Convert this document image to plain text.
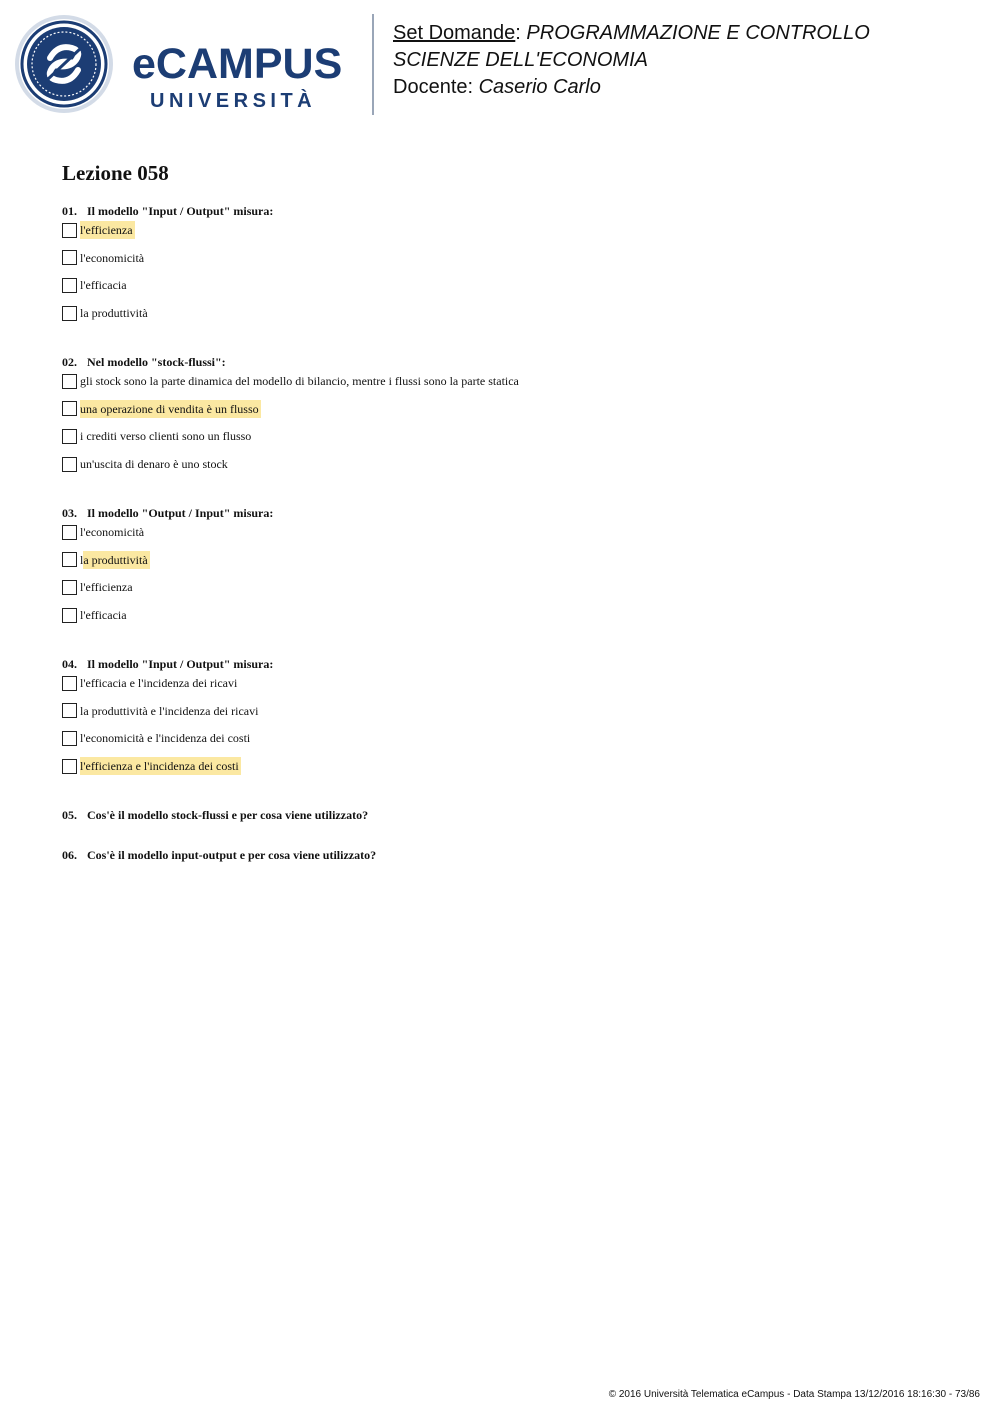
eCAMPUS
UNIVERSITÀ
Set Domande: PROGRAMMAZIONE E CONTROLLO
SCIENZE DELL'ECONOMIA
Docente: Caserio Carlo
Lezione 058
01. Il modello "Input / Output" misura:
l'efficienza
l'economicità
l'efficacia
la produttività
02. Nel modello "stock-flussi":
gli stock sono la parte dinamica del modello di bilancio, mentre i flussi sono la parte statica
una operazione di vendita è un flusso
i crediti verso clienti sono un flusso
un'uscita di denaro è uno stock
03. Il modello "Output / Input" misura:
l'economicità
l a produttività
l'efficienza
l'efficacia
04. Il modello "Input / Output" misura:
l'efficacia e l'incidenza dei ricavi
la produttività e l'incidenza dei ricavi
l'economicità e l'incidenza dei costi
l'efficienza e l'incidenza dei costi
05. Cos'è il modello stock-flussi e per cosa viene utilizzato?
06. Cos'è il modello input-output e per cosa viene utilizzato?
© 2016 Università Telematica eCampus - Data Stampa 13/12/2016 18:16:30 - 73/86
